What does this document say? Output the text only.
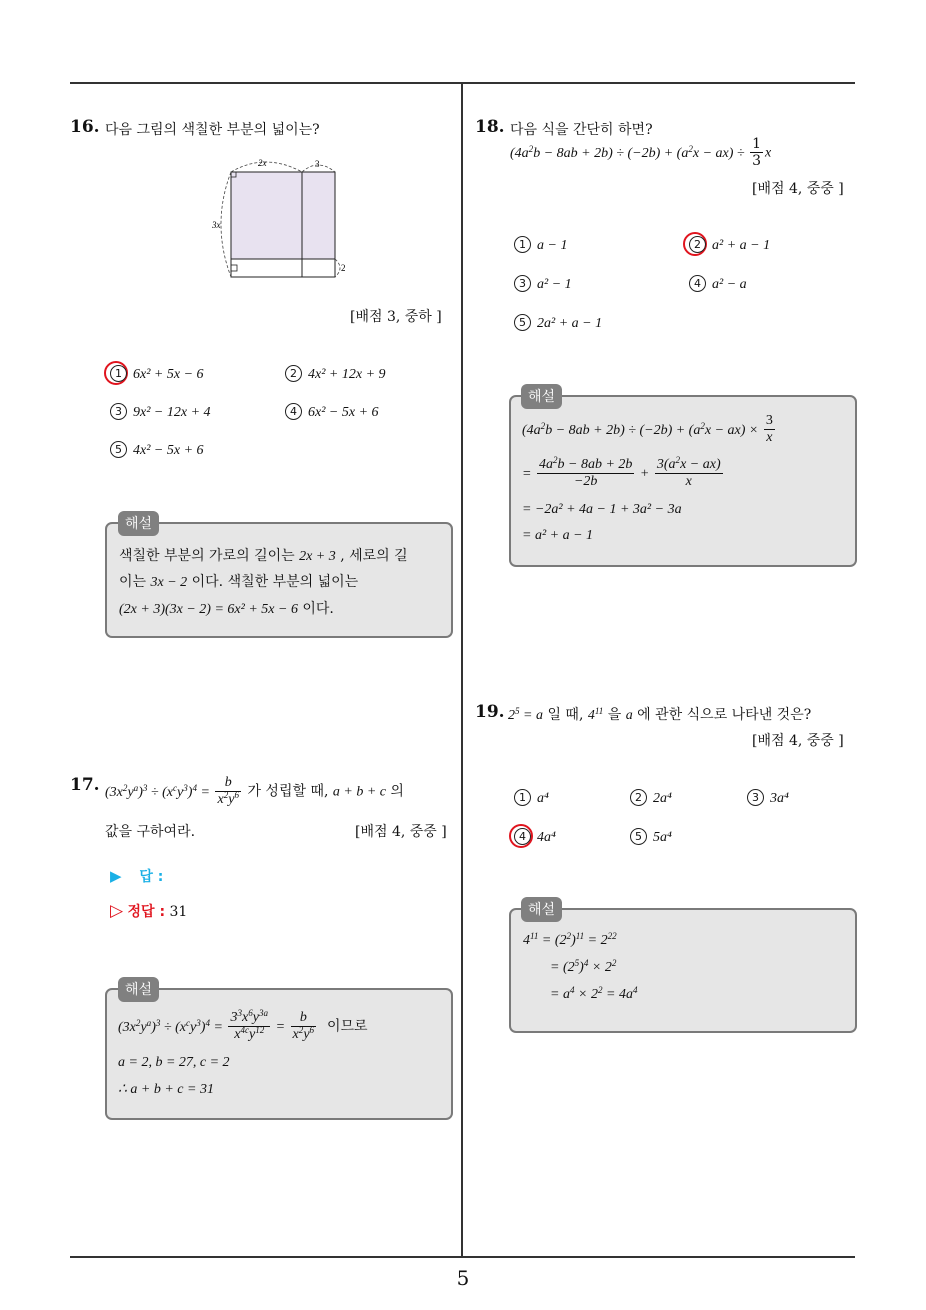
16. 다음 그림의 색칠한 부분의 넓이는?
2x	3
3x
2
[배점 3, 중하 ]
1 6x² + 5x − 6	2 4x² + 12x + 9
3 9x² − 12x + 4	4 6x² − 5x + 6
5 4x² − 5x + 6
해설
색칠한 부분의 가로의 길이는 2x + 3 , 세로의 길
이는 3x − 2 이다. 색칠한 부분의 넓이는
(2x + 3)(3x − 2) = 6x² + 5x − 6 이다.
17. $(3x^2y^a)^3 \div (x^cy^3)^4 = \frac{b}{x^2y^6}$ 가 성립할 때, a + b + c 의
값을 구하여라.	[배점 4, 중중 ]
▶ 답 :
▷ 정답 : 31
해설
$(3x^2y^a)^3 \div (x^cy^3)^4 = \frac{3^3x^6y^{3a}}{x^{4c}y^{12}} = \frac{b}{x^2y^6}$ 이므로
a = 2, b = 27, c = 2
∴ a + b + c = 31
18. 다음 식을 간단히 하면?
$(4a^2b - 8ab + 2b) \div (-2b) + (a^2x - ax) \div \frac{1}{3}$ x
[배점 4, 중중 ]
1 a − 1	2 a² + a − 1
3 a² − 1	4 a² − a
5 2a² + a − 1
해설
$(4a^2b - 8ab + 2b) \div (-2b) + (a^2x - ax) \times \frac{3}{x}$
= $\frac{4a^2b - 8ab + 2b}{-2b} + \frac{3(a^2x - ax)}{x}$
= −2a² + 4a − 1 + 3a² − 3a
= a² + a − 1
19. $2^5 = a$ 일 때, $4^{11}$ 을 a 에 관한 식으로 나타낸 것은?
[배점 4, 중중 ]
1 a⁴	2 2a⁴	3 3a⁴
4 4a⁴	5 5a⁴
해설
$4^{11} = (2^2)^{11} = 2^{22}$
= $(2^5)^4 \times 2^2$
= $a^4 \times 2^2 = 4a^4$
5
